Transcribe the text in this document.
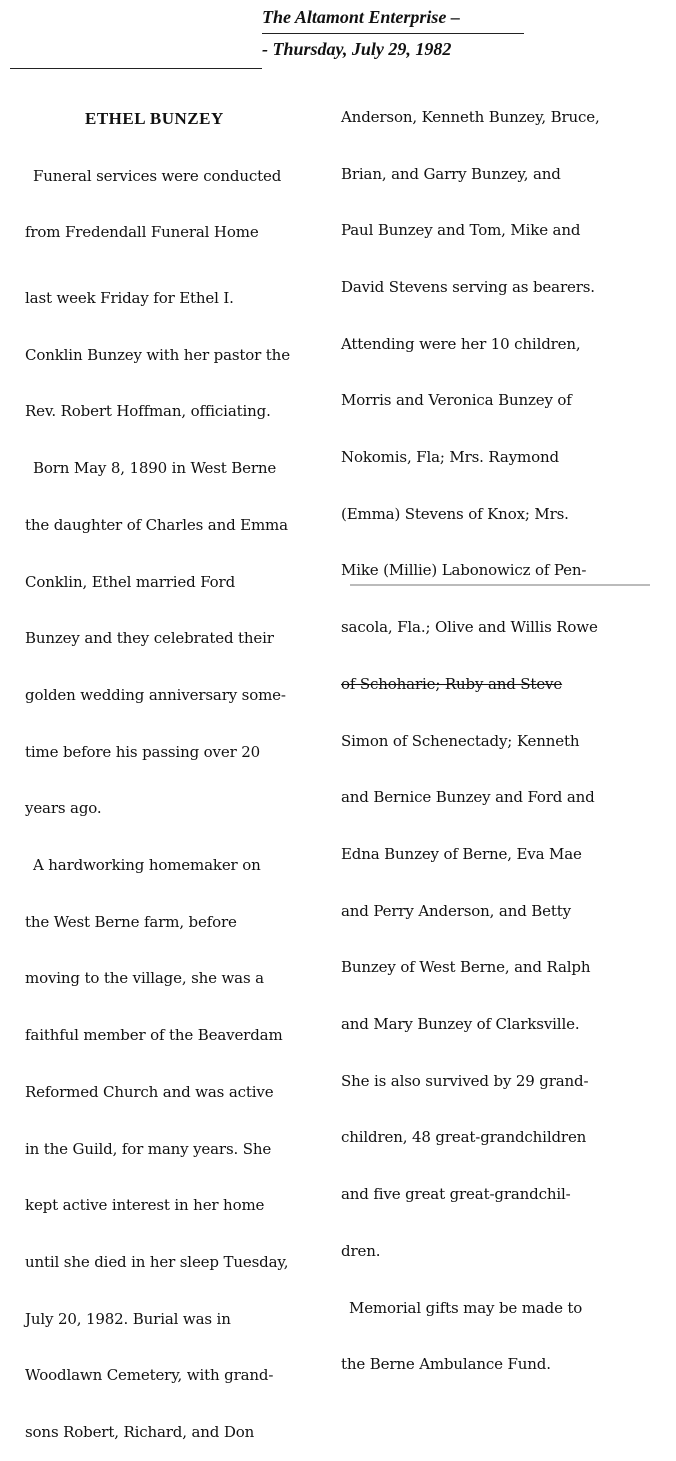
The Altamont Enterprise –
- Thursday, July 29, 1982

ETHEL BUNZEY

Funeral services were conducted

from Fredendall Funeral Home

last week Friday for Ethel I.

Conklin Bunzey with her pastor the

Rev. Robert Hoffman, officiating.

Born May 8, 1890 in West Berne

the daughter of Charles and Emma

Conklin, Ethel married Ford

Bunzey and they celebrated their

golden wedding anniversary some-

time before his passing over 20

years ago.

A hardworking homemaker on

the West Berne farm, before

moving to the village, she was a

faithful member of the Beaverdam

Reformed Church and was active

in the Guild, for many years. She

kept active interest in her home

until she died in her sleep Tuesday,

July 20, 1982. Burial was in

Woodlawn Cemetery, with grand-

sons Robert, Richard, and Don

Anderson, Kenneth Bunzey, Bruce,

Brian, and Garry Bunzey, and

Paul Bunzey and Tom, Mike and

David Stevens serving as bearers.

Attending were her 10 children,

Morris and Veronica Bunzey of

Nokomis, Fla; Mrs. Raymond

(Emma) Stevens of Knox; Mrs.

Mike (Millie) Labonowicz of Pen-

sacola, Fla.; Olive and Willis Rowe

of Schoharie; Ruby and Steve

Simon of Schenectady; Kenneth

and Bernice Bunzey and Ford and

Edna Bunzey of Berne, Eva Mae

and Perry Anderson, and Betty

Bunzey of West Berne, and Ralph

and Mary Bunzey of Clarksville.

She is also survived by 29 grand-

children, 48 great-grandchildren

and five great great-grandchil-

dren.

Memorial gifts may be made to

the Berne Ambulance Fund.
